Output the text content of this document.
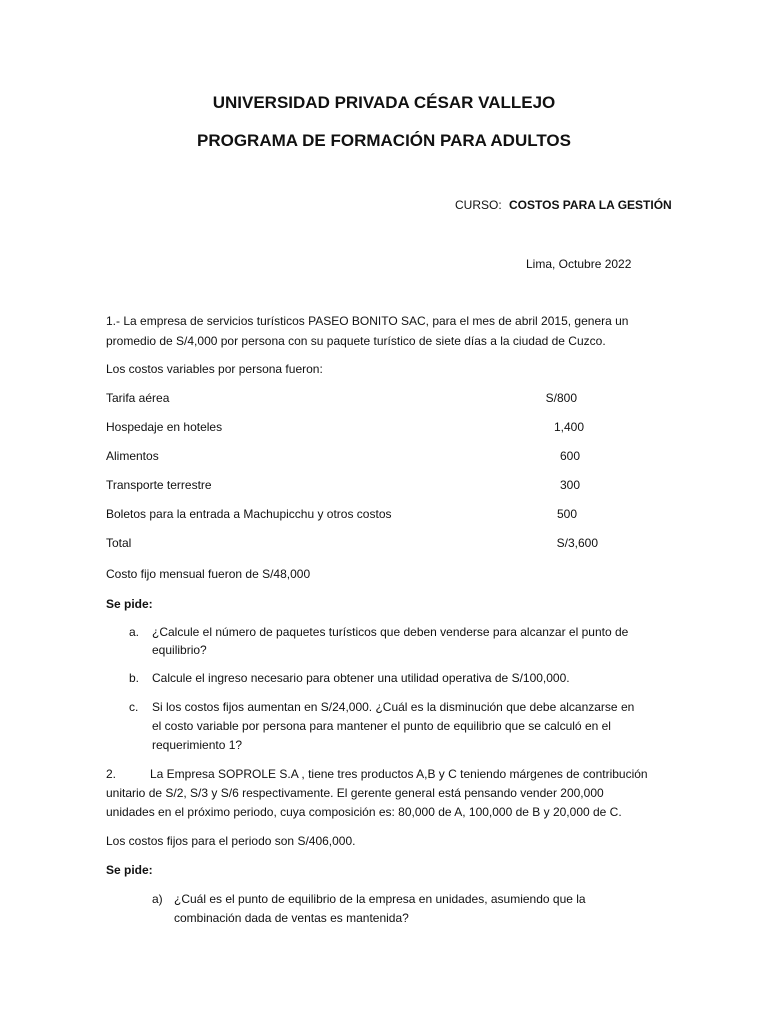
UNIVERSIDAD PRIVADA CÉSAR VALLEJO
PROGRAMA DE FORMACIÓN PARA ADULTOS
CURSO: COSTOS PARA LA GESTIÓN
Lima, Octubre 2022
1.- La empresa de servicios turísticos PASEO BONITO SAC, para el mes de abril 2015, genera un
promedio de S/4,000 por persona con su paquete turístico de siete días a la ciudad de Cuzco.
Los costos variables por persona fueron:
Tarifa aérea	S/800
Hospedaje en hoteles	1,400
Alimentos	600
Transporte terrestre	300
Boletos para la entrada a Machupicchu y otros costos	500
Total	S/3,600
Costo fijo mensual fueron de S/48,000
Se pide:
a. ¿Calcule el número de paquetes turísticos que deben venderse para alcanzar el punto de
equilibrio?
b. Calcule el ingreso necesario para obtener una utilidad operativa de S/100,000.
c. Si los costos fijos aumentan en S/24,000. ¿Cuál es la disminución que debe alcanzarse en
el costo variable por persona para mantener el punto de equilibrio que se calculó en el
requerimiento 1?
2.	La Empresa SOPROLE S.A , tiene tres productos A,B y C teniendo márgenes de contribución
unitario de S/2, S/3 y S/6 respectivamente. El gerente general está pensando vender 200,000
unidades en el próximo periodo, cuya composición es: 80,000 de A, 100,000 de B y 20,000 de C.
Los costos fijos para el periodo son S/406,000.
Se pide:
a) ¿Cuál es el punto de equilibrio de la empresa en unidades, asumiendo que la
combinación dada de ventas es mantenida?
